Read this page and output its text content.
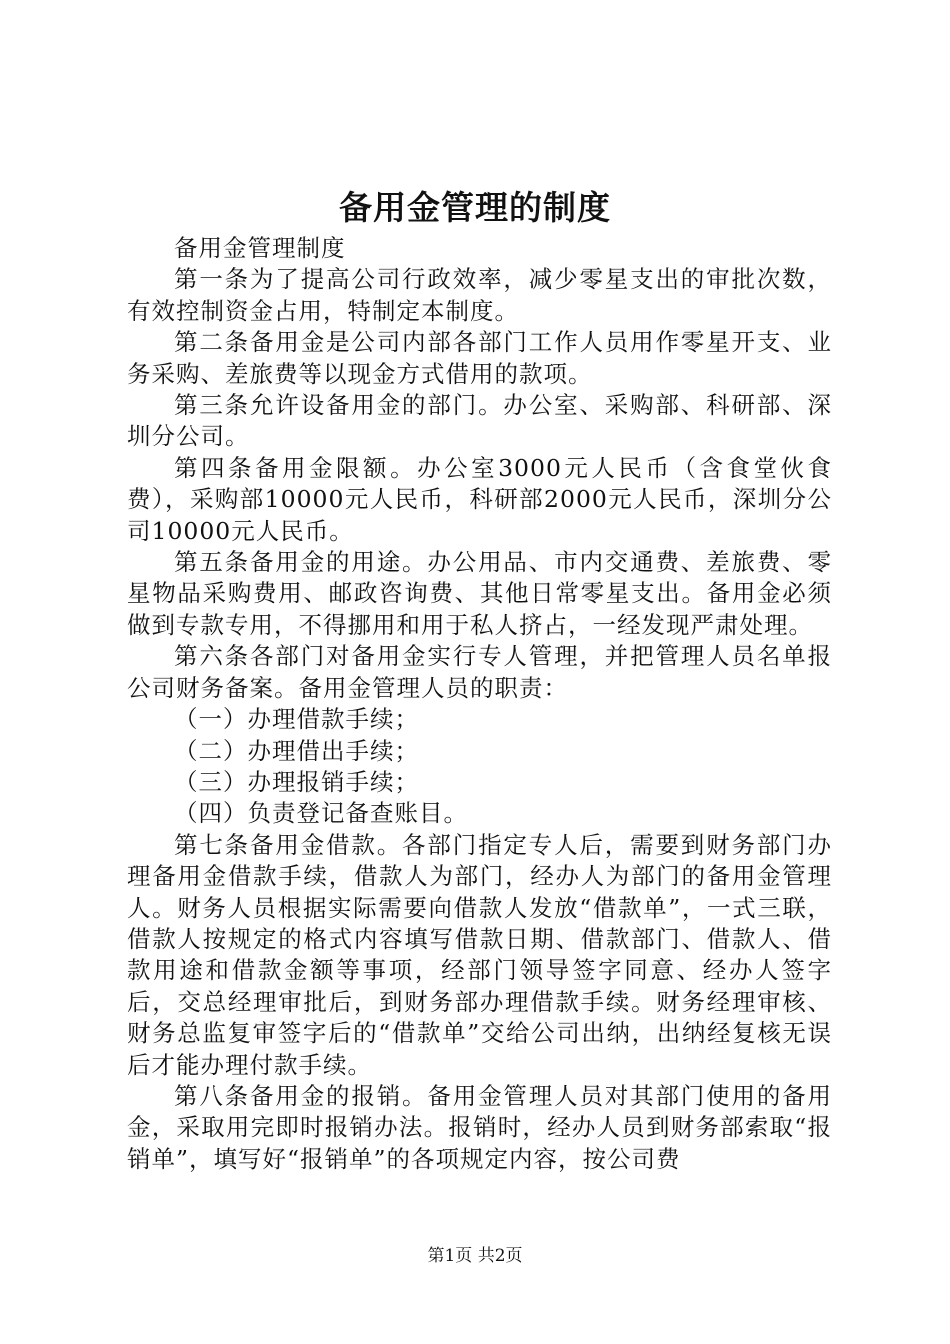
备用金管理的制度

备用金管理制度

第一条为了提高公司行政效率，减少零星支出的审批次数，有效控制资金占用，特制定本制度。

第二条备用金是公司内部各部门工作人员用作零星开支、业务采购、差旅费等以现金方式借用的款项。

第三条允许设备用金的部门。办公室、采购部、科研部、深圳分公司。

第四条备用金限额。办公室3000元人民币（含食堂伙食费），采购部10000元人民币，科研部2000元人民币，深圳分公司10000元人民币。

第五条备用金的用途。办公用品、市内交通费、差旅费、零星物品采购费用、邮政咨询费、其他日常零星支出。备用金必须做到专款专用，不得挪用和用于私人挤占，一经发现严肃处理。

第六条各部门对备用金实行专人管理，并把管理人员名单报公司财务备案。备用金管理人员的职责：

（一）办理借款手续；

（二）办理借出手续；

（三）办理报销手续；

（四）负责登记备查账目。

第七条备用金借款。各部门指定专人后，需要到财务部门办理备用金借款手续，借款人为部门，经办人为部门的备用金管理人。财务人员根据实际需要向借款人发放“借款单”，一式三联，借款人按规定的格式内容填写借款日期、借款部门、借款人、借款用途和借款金额等事项，经部门领导签字同意、经办人签字后，交总经理审批后，到财务部办理借款手续。财务经理审核、财务总监复审签字后的“借款单”交给公司出纳，出纳经复核无误后才能办理付款手续。

第八条备用金的报销。备用金管理人员对其部门使用的备用金，采取用完即时报销办法。报销时，经办人员到财务部索取“报销单”，填写好“报销单”的各项规定内容，按公司费

第1页 共2页
